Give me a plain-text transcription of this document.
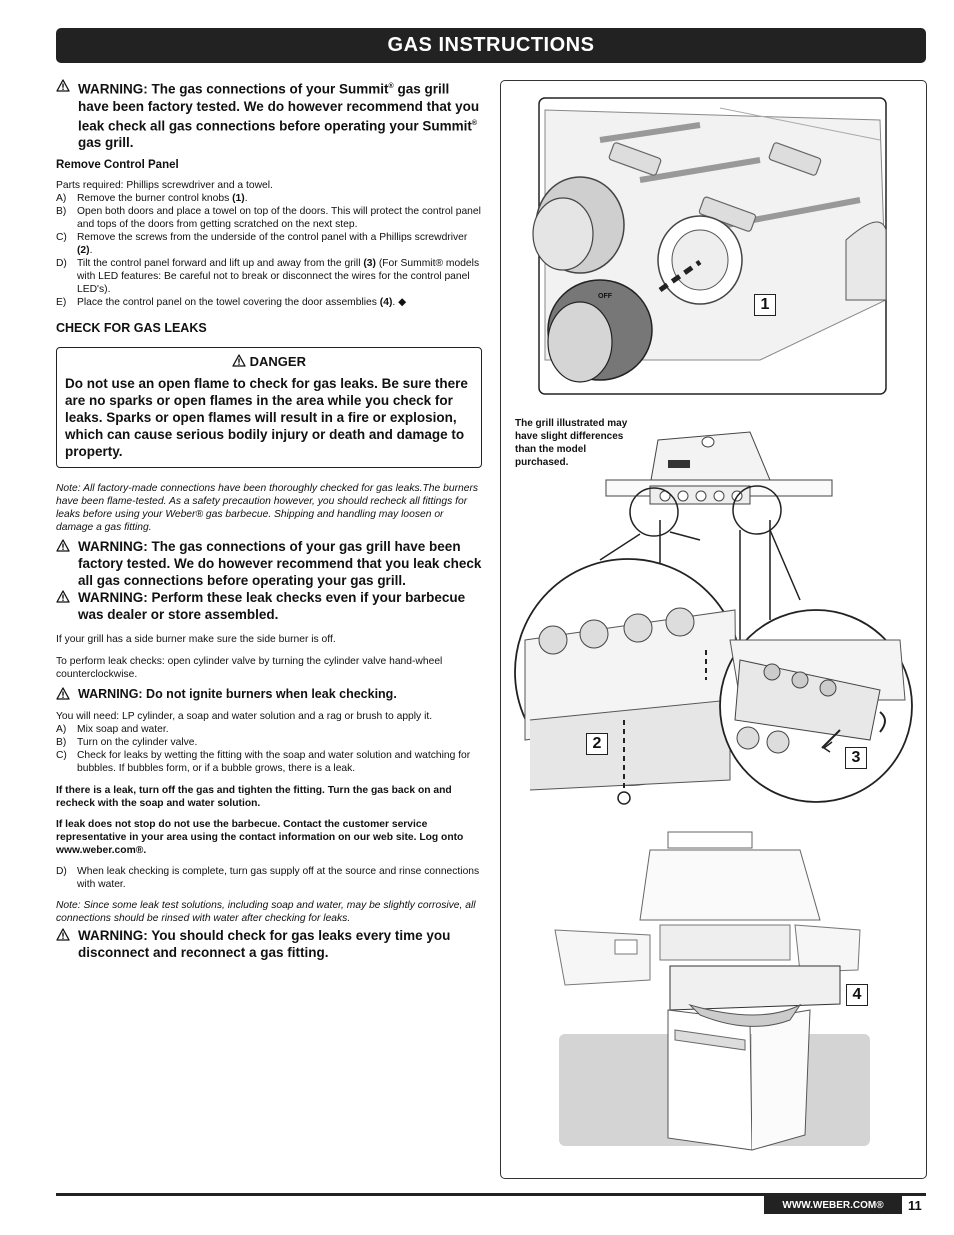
GAS INSTRUCTIONS

WARNING: The gas connections of your Summit® gas grill have been factory tested. We do however recommend that you leak check all gas connections before operating your Summit® gas grill.

Remove Control Panel

Parts required: Phillips screwdriver and a towel.

A) Remove the burner control knobs (1).
B) Open both doors and place a towel on top of the doors. This will protect the control panel and tops of the doors from getting scratched on the next step.
C) Remove the screws from the underside of the control panel with a Phillips screwdriver (2).
D) Tilt the control panel forward and lift up and away from the grill (3) (For Summit® models with LED features: Be careful not to break or disconnect the wires for the control panel LED's).
E) Place the control panel on the towel covering the door assemblies (4). ◆
CHECK FOR GAS LEAKS
DANGER
Do not use an open flame to check for gas leaks. Be sure there are no sparks or open flames in the area while you check for leaks. Sparks or open flames will result in a fire or explosion, which can cause serious bodily injury or death and damage to property.

Note: All factory-made connections have been thoroughly checked for gas leaks.The burners have been flame-tested. As a safety precaution however, you should recheck all fittings for leaks before using your Weber® gas barbecue. Shipping and handling may loosen or damage a gas fitting.

WARNING: The gas connections of your gas grill have been factory tested. We do however recommend that you leak check all gas connections before operating your gas grill.

WARNING: Perform these leak checks even if your barbecue was dealer or store assembled.

If your grill has a side burner make sure the side burner is off.

To perform leak checks: open cylinder valve by turning the cylinder valve hand-wheel counterclockwise.

WARNING: Do not ignite burners when leak checking.

You will need: LP cylinder, a soap and water solution and a rag or brush to apply it.

A) Mix soap and water.
B) Turn on the cylinder valve.
C) Check for leaks by wetting the fitting with the soap and water solution and watching for bubbles. If bubbles form, or if a bubble grows, there is a leak.

If there is a leak, turn off the gas and tighten the fitting. Turn the gas back on and recheck with the soap and water solution.

If leak does not stop do not use the barbecue. Contact the customer service representative in your area using the contact information on our web site. Log onto www.weber.com®.

D) When leak checking is complete, turn gas supply off at the source and rinse connections with water.

Note: Since some leak test solutions, including soap and water, may be slightly corrosive, all connections should be rinsed with water after checking for leaks.

WARNING: You should check for gas leaks every time you disconnect and reconnect a gas fitting.

OFF
The grill illustrated may have slight differences than the model purchased.
1
2
3
4
WWW.WEBER.COM®	11
